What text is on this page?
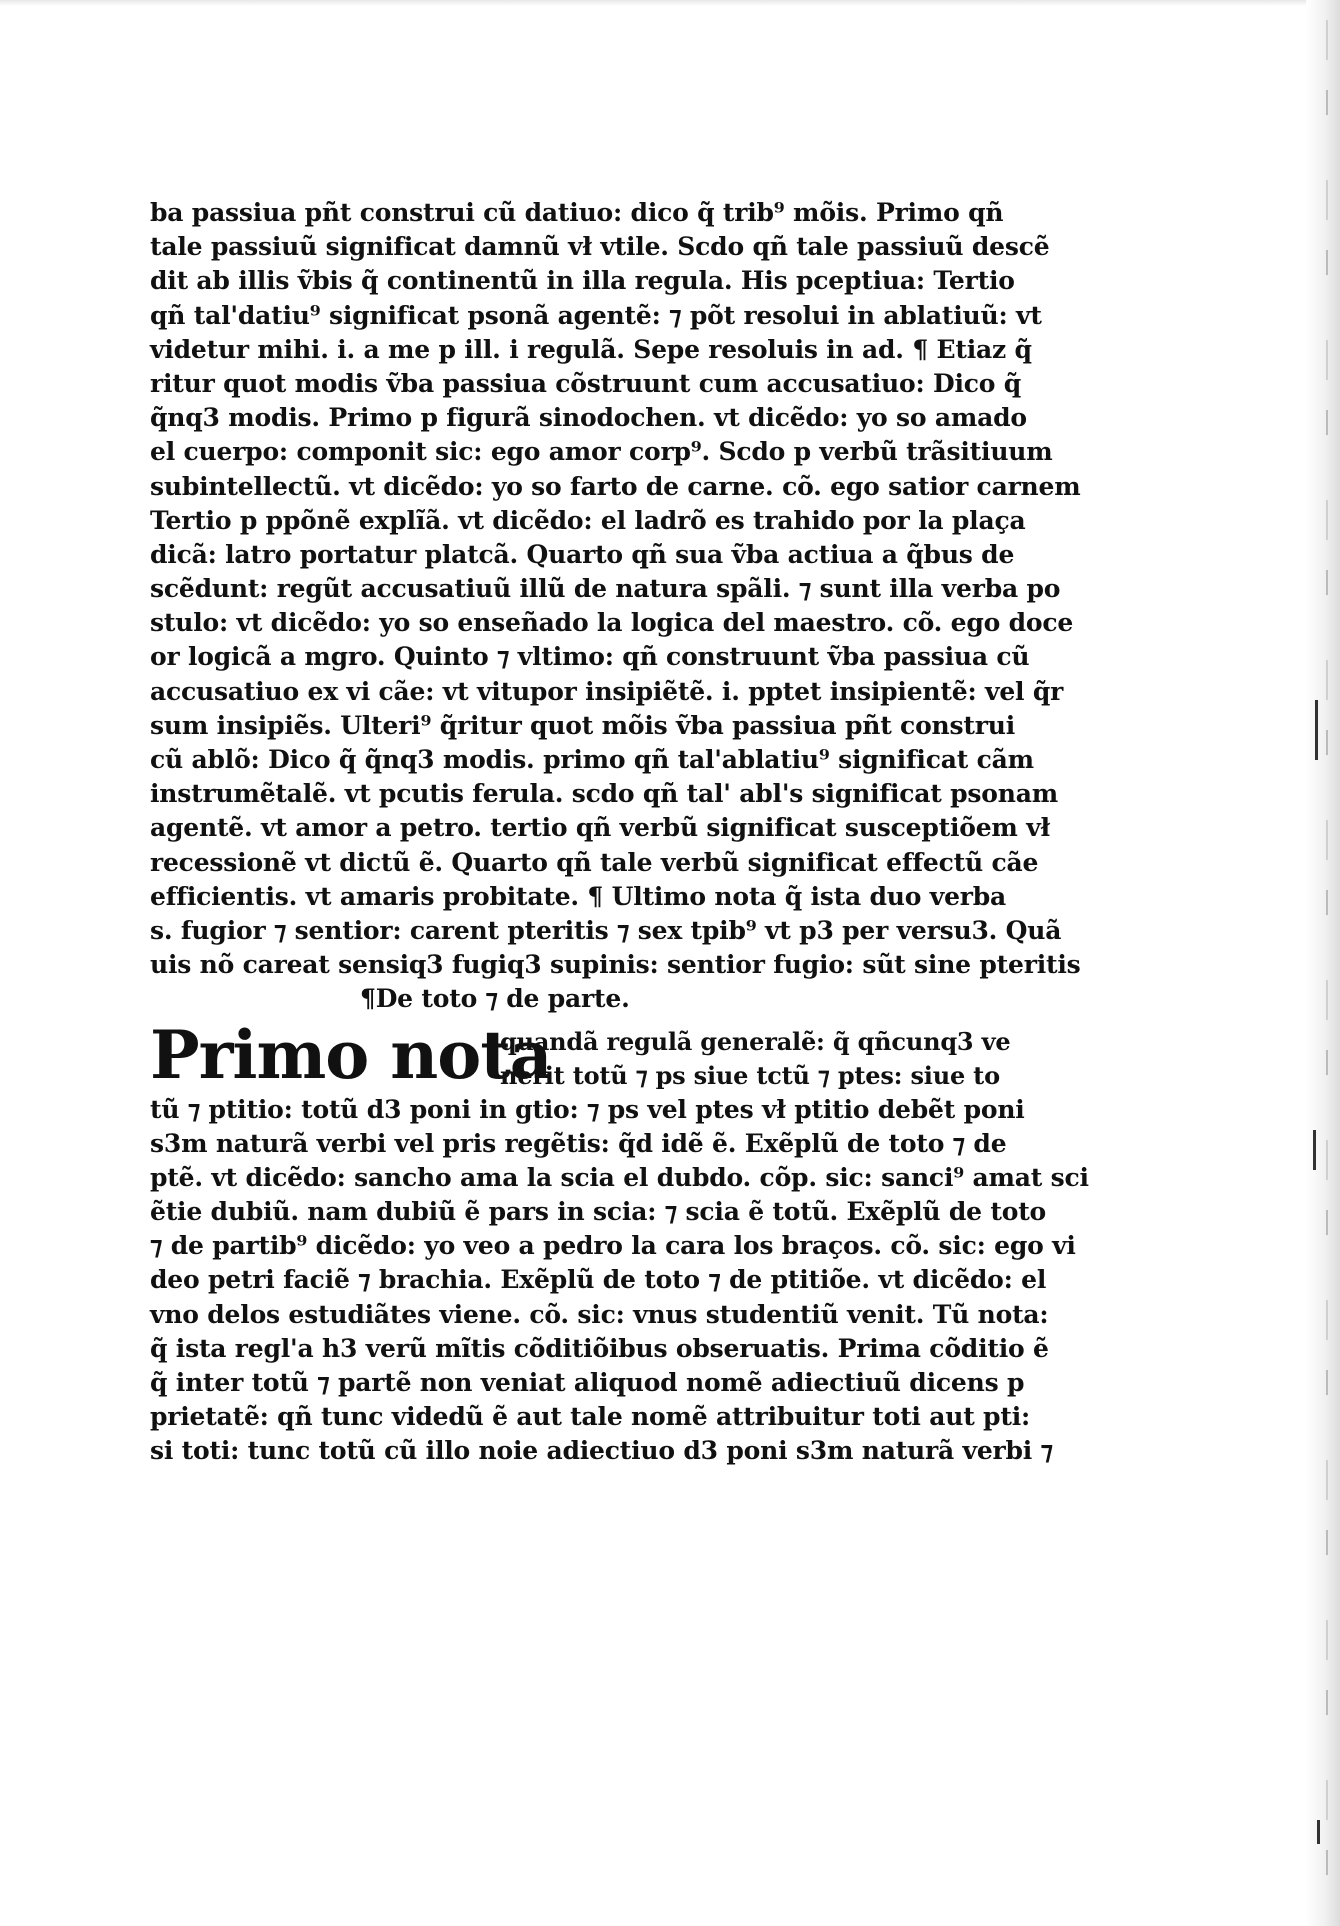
ba passiua pñt construi cũ datiuo: dico q̃ trib⁹ mõis. Primo qñ
tale passiuũ significat damnũ vł vtile. Scdo qñ tale passiuũ descẽ
dit ab illis ṽbis q̃ continentũ in illa regula. His pceptiua: Tertio
qñ tal'datiu⁹ significat psonã agentẽ: ⁊ põt resolui in ablatiuũ: vt
videtur mihi. i. a me p ill. i regulã. Sepe resoluis in ad. ¶ Etiaz q̃
ritur quot modis ṽba passiua cõstruunt cum accusatiuo: Dico q̃
q̃nq3 modis. Primo p figurã sinodochen. vt dicẽdo: yo so amado
el cuerpo: componit sic: ego amor corp⁹. Scdo p verbũ trãsitiuum
subintellectũ. vt dicẽdo: yo so farto de carne. cõ. ego satior carnem
Tertio p ppõnẽ explĩã. vt dicẽdo: el ladrõ es trahido por la plaça
dicã: latro portatur platcã. Quarto qñ sua ṽba actiua a q̃bus de
scẽdunt: regũt accusatiuũ illũ de natura spãli. ⁊ sunt illa verba po
stulo: vt dicẽdo: yo so enseñado la logica del maestro. cõ. ego doce
or logicã a mgro. Quinto ⁊ vltimo: qñ construunt ṽba passiua cũ
accusatiuo ex vi cãe: vt vitupor insipiẽtẽ. i. pptet insipientẽ: vel q̃r
sum insipiẽs. Ulteri⁹ q̃ritur quot mõis ṽba passiua pñt construi
cũ ablõ: Dico q̃ q̃nq3 modis. primo qñ tal'ablatiu⁹ significat cãm
instrumẽtalẽ. vt pcutis ferula. scdo qñ tal' abl's significat psonam
agentẽ. vt amor a petro. tertio qñ verbũ significat susceptiõem vł
recessionẽ vt dictũ ẽ. Quarto qñ tale verbũ significat effectũ cãe
efficientis. vt amaris probitate. ¶ Ultimo nota q̃ ista duo verba
s. fugior ⁊ sentior: carent pteritis ⁊ sex tpib⁹ vt p3 per versu3. Quã
uis nõ careat sensiq3 fugiq3 supinis: sentior fugio: sũt sine pteritis
¶De toto ⁊ de parte.
Primo nota
quandã regulã generalẽ: q̃ qñcunq3 ve
nerit totũ ⁊ ps siue tctũ ⁊ ptes: siue to
tũ ⁊ ptitio: totũ d3 poni in gtio: ⁊ ps vel ptes vł ptitio debẽt poni
s3m naturã verbi vel pris regẽtis: q̃d idẽ ẽ. Exẽplũ de toto ⁊ de
ptẽ. vt dicẽdo: sancho ama la scia el dubdo. cõp. sic: sanci⁹ amat sci
ẽtie dubiũ. nam dubiũ ẽ pars in scia: ⁊ scia ẽ totũ. Exẽplũ de toto
⁊ de partib⁹ dicẽdo: yo veo a pedro la cara los braços. cõ. sic: ego vi
deo petri faciẽ ⁊ brachia. Exẽplũ de toto ⁊ de ptitiõe. vt dicẽdo: el
vno delos estudiãtes viene. cõ. sic: vnus studentiũ venit. Tũ nota:
q̃ ista regl'a h3 verũ mĩtis cõditiõibus obseruatis. Prima cõditio ẽ
q̃ inter totũ ⁊ partẽ non veniat aliquod nomẽ adiectiuũ dicens p
prietatẽ: qñ tunc videdũ ẽ aut tale nomẽ attribuitur toti aut pti:
si toti: tunc totũ cũ illo noie adiectiuo d3 poni s3m naturã verbi ⁊
